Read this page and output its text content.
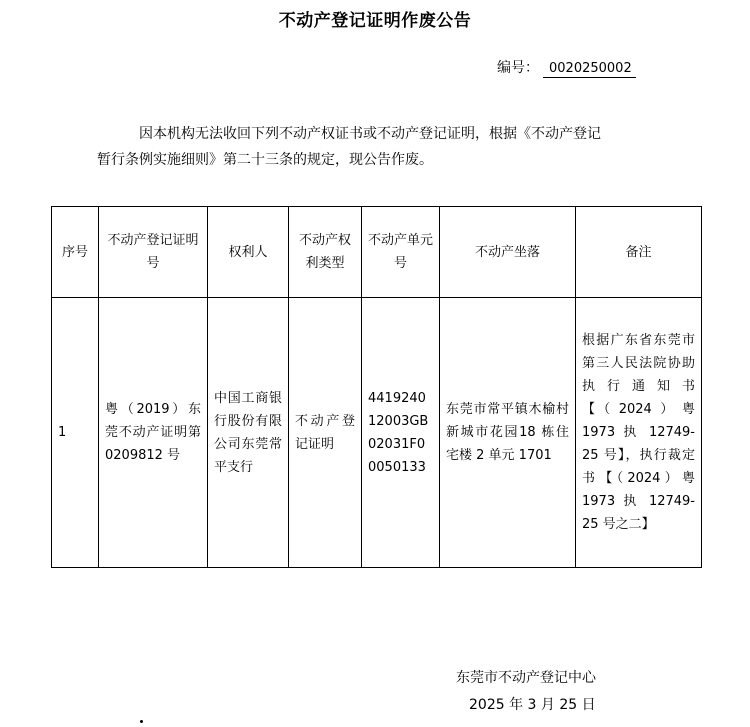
不动产登记证明作废公告
编号： 0020250002
因本机构无法收回下列不动产权证书或不动产登记证明，根据《不动产登记
暂行条例实施细则》第二十三条的规定，现公告作废。
序号	不动产登记证明号	权利人	不动产权利类型	不动产单元号	不动产坐落	备注
1	粤（2019）东莞不动产证明第 0209812 号	中国工商银行股份有限公司东莞常平支行	不动产登记证明	441924012003GB02031F00050133	东莞市常平镇木榆村新城市花园18 栋住宅楼 2 单元 1701	根据广东省东莞市第三人民法院协助执行通知书【（2024）粤 1973 执 12749-25 号】，执行裁定书【（2024）粤 1973 执 12749-25 号之二】
东莞市不动产登记中心
2025 年 3 月 25 日
